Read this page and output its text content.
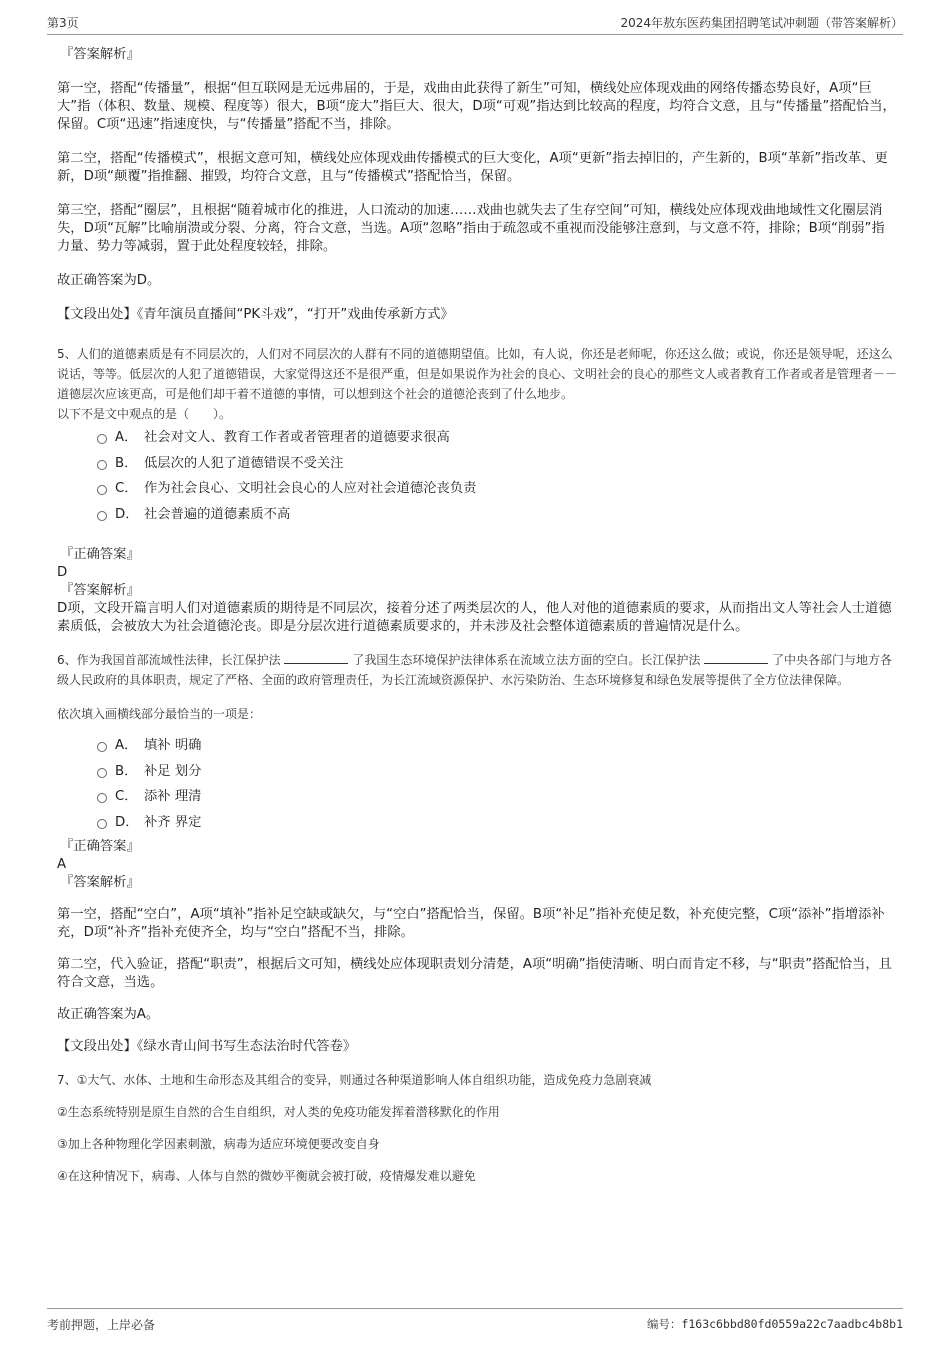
第3页	2024年敖东医药集团招聘笔试冲刺题（带答案解析）
『答案解析』

第一空，搭配“传播量”，根据“但互联网是无远弗届的，于是，戏曲由此获得了新生”可知，横线处应体现戏曲的网络传播态势良好，A项“巨大”指（体积、数量、规模、程度等）很大，B项“庞大”指巨大、很大，D项“可观”指达到比较高的程度，均符合文意，且与“传播量”搭配恰当，保留。C项“迅速”指速度快，与“传播量”搭配不当，排除。

第二空，搭配“传播模式”，根据文意可知，横线处应体现戏曲传播模式的巨大变化，A项“更新”指去掉旧的，产生新的，B项“革新”指改革、更新，D项“颠覆”指推翻、摧毁，均符合文意，且与“传播模式”搭配恰当，保留。

第三空，搭配“圈层”，且根据“随着城市化的推进，人口流动的加速……戏曲也就失去了生存空间”可知，横线处应体现戏曲地域性文化圈层消失，D项“瓦解”比喻崩溃或分裂、分离，符合文意，当选。A项“忽略”指由于疏忽或不重视而没能够注意到，与文意不符，排除；B项“削弱”指力量、势力等减弱，置于此处程度较轻，排除。

故正确答案为D。

【文段出处】《青年演员直播间“PK斗戏”，“打开”戏曲传承新方式》

5、人们的道德素质是有不同层次的，人们对不同层次的人群有不同的道德期望值。比如，有人说，你还是老师呢，你还这么做；或说，你还是领导呢，还这么说话，等等。低层次的人犯了道德错误，大家觉得这还不是很严重，但是如果说作为社会的良心、文明社会的良心的那些文人或者教育工作者或者是管理者－－道德层次应该更高，可是他们却干着不道德的事情，可以想到这个社会的道德沦丧到了什么地步。

以下不是文中观点的是（　　）。

A． 社会对文人、教育工作者或者管理者的道德要求很高
B． 低层次的人犯了道德错误不受关注
C． 作为社会良心、文明社会良心的人应对社会道德沦丧负责
D． 社会普遍的道德素质不高
『正确答案』
D
『答案解析』

D项，文段开篇言明人们对道德素质的期待是不同层次，接着分述了两类层次的人，他人对他的道德素质的要求，从而指出文人等社会人士道德素质低，会被放大为社会道德沦丧。即是分层次进行道德素质要求的，并未涉及社会整体道德素质的普遍情况是什么。

6、作为我国首部流域性法律，长江保护法	了我国生态环境保护法律体系在流域立法方面的空白。长江保护法	了中央各部门与地方各级人民政府的具体职责，规定了严格、全面的政府管理责任，为长江流域资源保护、水污染防治、生态环境修复和绿色发展等提供了全方位法律保障。

依次填入画横线部分最恰当的一项是：

A． 填补 明确
B． 补足 划分
C． 添补 理清
D． 补齐 界定
『正确答案』
A
『答案解析』

第一空，搭配“空白”，A项“填补”指补足空缺或缺欠，与“空白”搭配恰当，保留。B项“补足”指补充使足数，补充使完整，C项“添补”指增添补充，D项“补齐”指补充使齐全，均与“空白”搭配不当，排除。

第二空，代入验证，搭配“职责”，根据后文可知，横线处应体现职责划分清楚，A项“明确”指使清晰、明白而肯定不移，与“职责”搭配恰当，且符合文意，当选。

故正确答案为A。

【文段出处】《绿水青山间书写生态法治时代答卷》

7、①大气、水体、土地和生命形态及其组合的变异，则通过各种渠道影响人体自组织功能，造成免疫力急剧衰减

②生态系统特别是原生自然的合生自组织，对人类的免疫功能发挥着潜移默化的作用

③加上各种物理化学因素刺激，病毒为适应环境便要改变自身

④在这种情况下，病毒、人体与自然的微妙平衡就会被打破，疫情爆发难以避免

考前押题，上岸必备	编号：f163c6bbd80fd0559a22c7aadbc4b8b1
